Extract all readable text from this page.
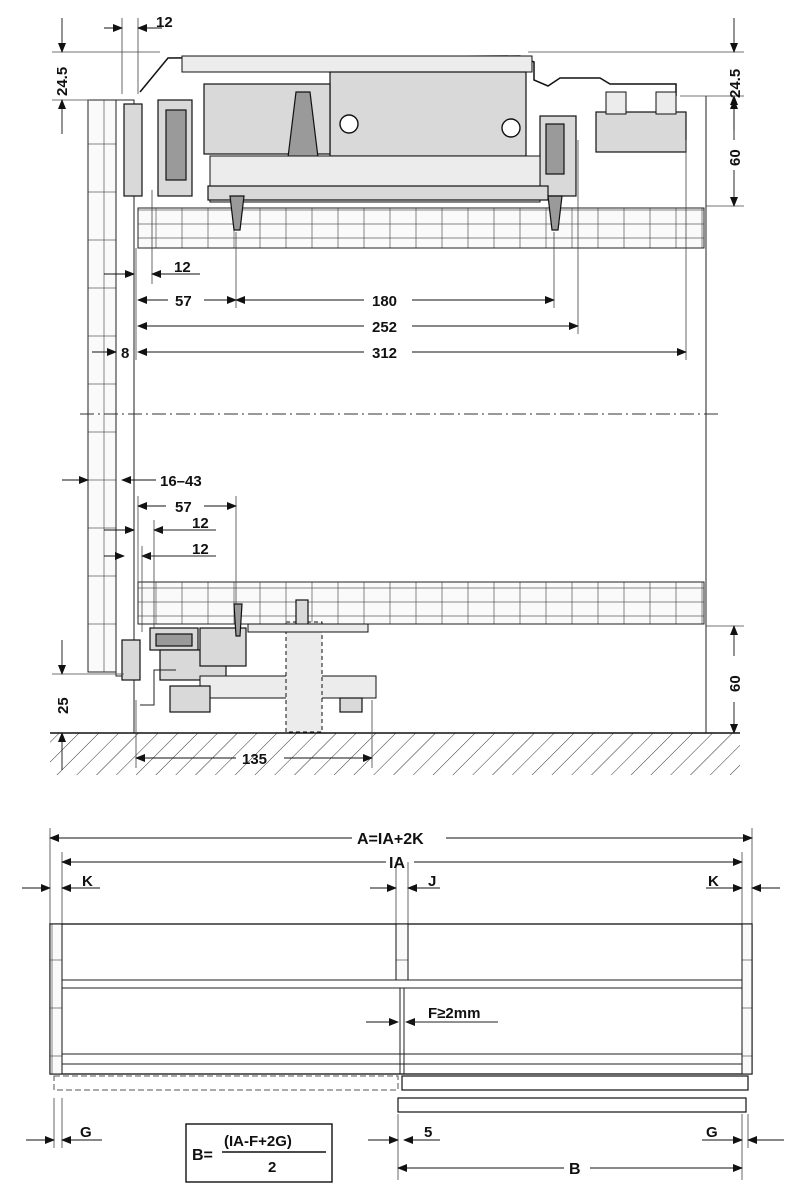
12
24.5	24.5
60
12
57	180
252
312
8
16–43
57
12
12
60
25
135
A=IA+2K
IA
K	J	K
F≥2mm
G	5	G
B
B=
(IA-F+2G)
2
